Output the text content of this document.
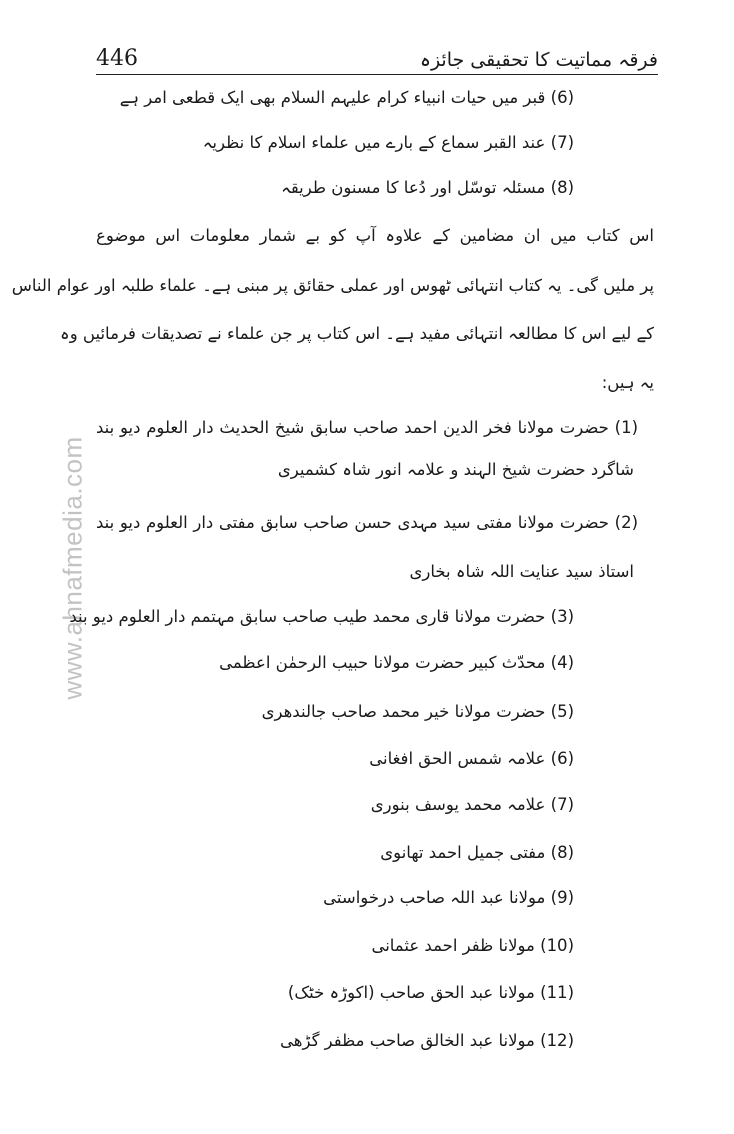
446	فرقہ مماتیت کا تحقیقی جائزہ
www.ahnafmedia.com
(6) قبر میں حیات انبیاء کرام علیہم السلام بھی ایک قطعی امر ہے
(7) عند القبر سماع کے بارے میں علماء اسلام کا نظریہ
(8) مسئلہ توسّل اور دُعا کا مسنون طریقہ
اس کتاب میں ان مضامین کے علاوہ آپ کو بے شمار معلومات اس موضوع
پر ملیں گی۔ یہ کتاب انتہائی ٹھوس اور عملی حقائق پر مبنی ہے۔ علماء طلبہ اور عوام الناس
کے لیے اس کا مطالعہ انتہائی مفید ہے۔ اس کتاب پر جن علماء نے تصدیقات فرمائیں وہ
یہ ہیں:
(1) حضرت مولانا فخر الدین احمد صاحب سابق شیخ الحدیث دار العلوم دیو بند
شاگرد حضرت شیخ الہند و علامہ انور شاہ کشمیری
(2) حضرت مولانا مفتی سید مہدی حسن صاحب سابق مفتی دار العلوم دیو بند
استاذ سید عنایت اللہ شاہ بخاری
(3) حضرت مولانا قاری محمد طیب صاحب سابق مہتمم دار العلوم دیو بند
(4) محدّث کبیر حضرت مولانا حبیب الرحمٰن اعظمی
(5) حضرت مولانا خیر محمد صاحب جالندھری
(6) علامہ شمس الحق افغانی
(7) علامہ محمد یوسف بنوری
(8) مفتی جمیل احمد تھانوی
(9) مولانا عبد اللہ صاحب درخواستی
(10) مولانا ظفر احمد عثمانی
(11) مولانا عبد الحق صاحب (اکوڑہ خٹک)
(12) مولانا عبد الخالق صاحب مظفر گڑھی
